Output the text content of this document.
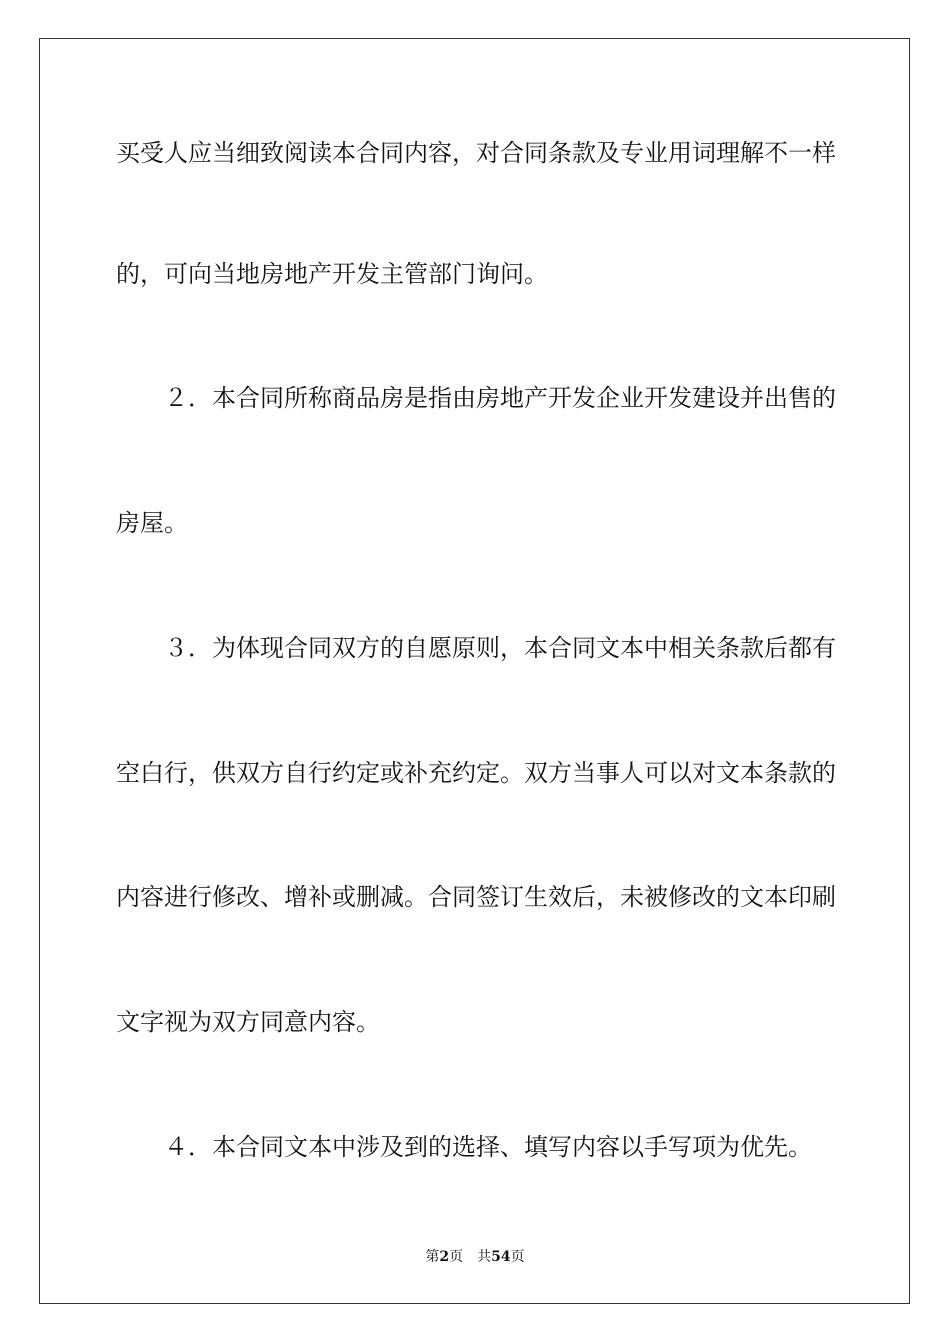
买受人应当细致阅读本合同内容，对合同条款及专业用词理解不一样
的，可向当地房地产开发主管部门询问。
　　２．本合同所称商品房是指由房地产开发企业开发建设并出售的
房屋。
　　３．为体现合同双方的自愿原则，本合同文本中相关条款后都有
空白行，供双方自行约定或补充约定。双方当事人可以对文本条款的
内容进行修改、增补或删减。合同签订生效后，未被修改的文本印刷
文字视为双方同意内容。
　　４．本合同文本中涉及到的选择、填写内容以手写项为优先。
第2页 共54页
